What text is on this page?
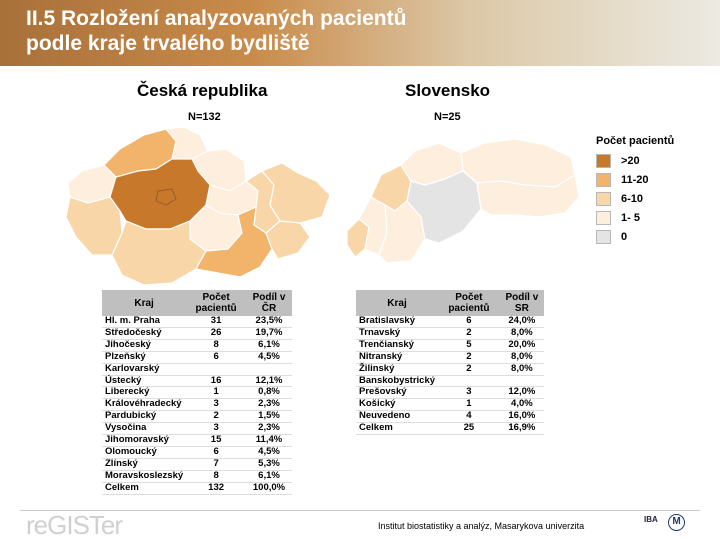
II.5 Rozložení analyzovaných pacientů
podle kraje trvalého bydliště
Česká republika
N=132
Slovensko
N=25
Počet pacientů
>20
11-20
6-10
1- 5
0
Kraj	Počet pacientů	Podíl v ČR
Hl. m. Praha	31	23,5%
Středočeský	26	19,7%
Jihočeský	8	6,1%
Plzeňský	6	4,5%
Karlovarský		
Ústecký	16	12,1%
Liberecký	1	0,8%
Královéhradecký	3	2,3%
Pardubický	2	1,5%
Vysočina	3	2,3%
Jihomoravský	15	11,4%
Olomoucký	6	4,5%
Zlínský	7	5,3%
Moravskoslezský	8	6,1%
Celkem	132	100,0%
Kraj	Počet pacientů	Podíl v SR
Bratislavský	6	24,0%
Trnavský	2	8,0%
Trenčianský	5	20,0%
Nitranský	2	8,0%
Žilinský	2	8,0%
Banskobystrický		
Prešovský	3	12,0%
Košický	1	4,0%
Neuvedeno	4	16,0%
Celkem	25	16,9%
reGISTer	Institut biostatistiky a analýz, Masarykova univerzita
IBA	M
